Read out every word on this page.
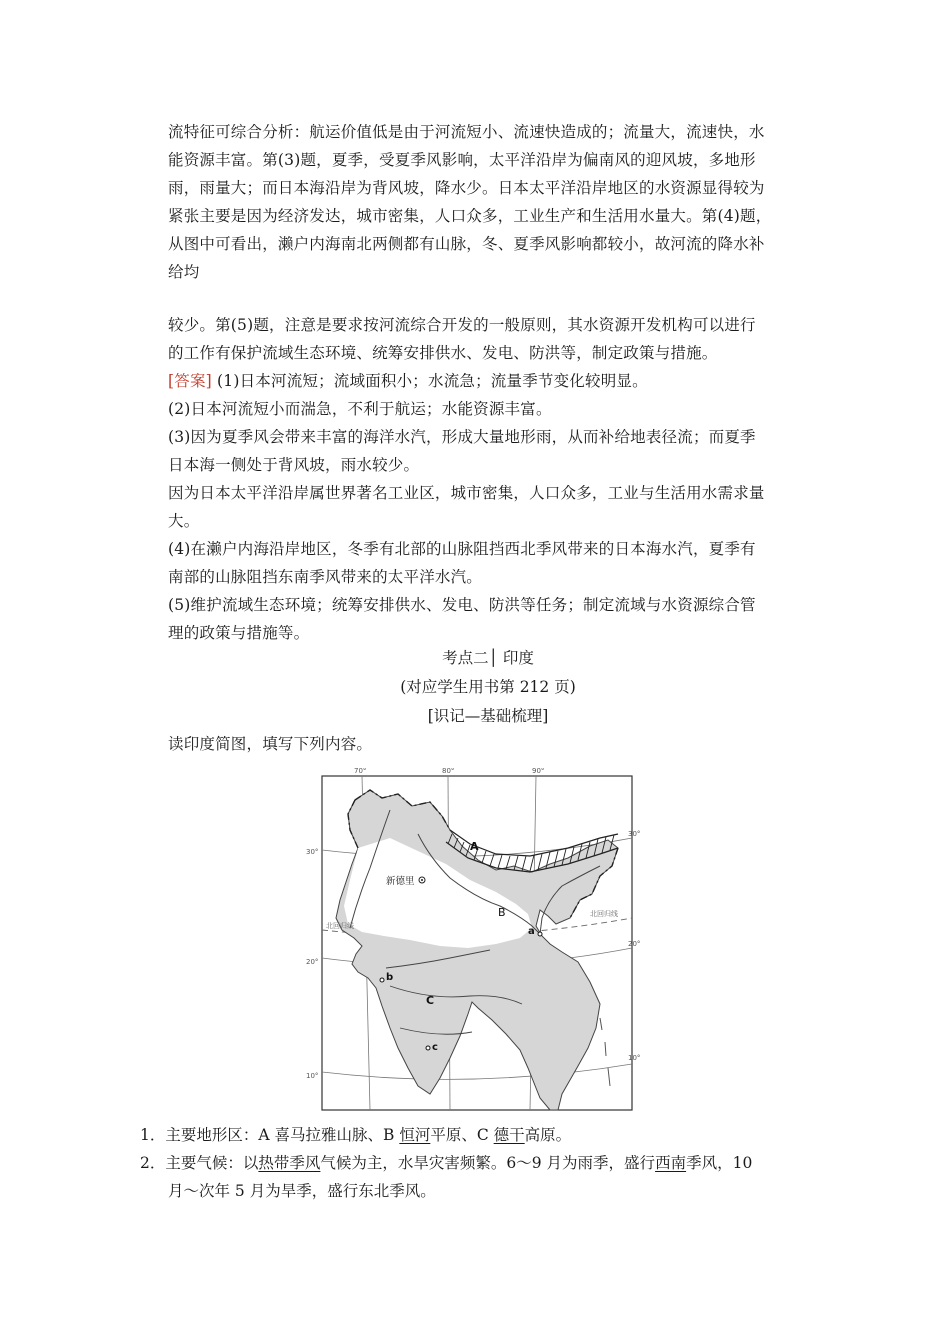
流特征可综合分析：航运价值低是由于河流短小、流速快造成的；流量大，流速快，水
能资源丰富。第(3)题，夏季，受夏季风影响，太平洋沿岸为偏南风的迎风坡，多地形
雨，雨量大；而日本海沿岸为背风坡，降水少。日本太平洋沿岸地区的水资源显得较为
紧张主要是因为经济发达，城市密集，人口众多，工业生产和生活用水量大。第(4)题，
从图中可看出，濑户内海南北两侧都有山脉，冬、夏季风影响都较小，故河流的降水补
给均
较少。第(5)题，注意是要求按河流综合开发的一般原则，其水资源开发机构可以进行
的工作有保护流域生态环境、统筹安排供水、发电、防洪等，制定政策与措施。
[答案] (1)日本河流短；流域面积小；水流急；流量季节变化较明显。
(2)日本河流短小而湍急，不利于航运；水能资源丰富。
(3)因为夏季风会带来丰富的海洋水汽，形成大量地形雨，从而补给地表径流；而夏季
日本海一侧处于背风坡，雨水较少。
因为日本太平洋沿岸属世界著名工业区，城市密集，人口众多，工业与生活用水需求量
大。
(4)在濑户内海沿岸地区，冬季有北部的山脉阻挡西北季风带来的日本海水汽，夏季有
南部的山脉阻挡东南季风带来的太平洋水汽。
(5)维护流域生态环境；统筹安排供水、发电、防洪等任务；制定流域与水资源综合管
理的政策与措施等。
考点二│ 印度
(对应学生用书第 212 页)
[识记—基础梳理]
读印度简图，填写下列内容。
新德里
A
B
C
a
b
c
北回归线
北回归线
70°	80°	90°
30°
20°
10°
30°
20°
10°
1．主要地形区：A 喜马拉雅山脉、B 恒河平原、C 德干高原。
2．主要气候：以热带季风气候为主，水旱灾害频繁。6～9 月为雨季，盛行西南季风，10
月～次年 5 月为旱季，盛行东北季风。
